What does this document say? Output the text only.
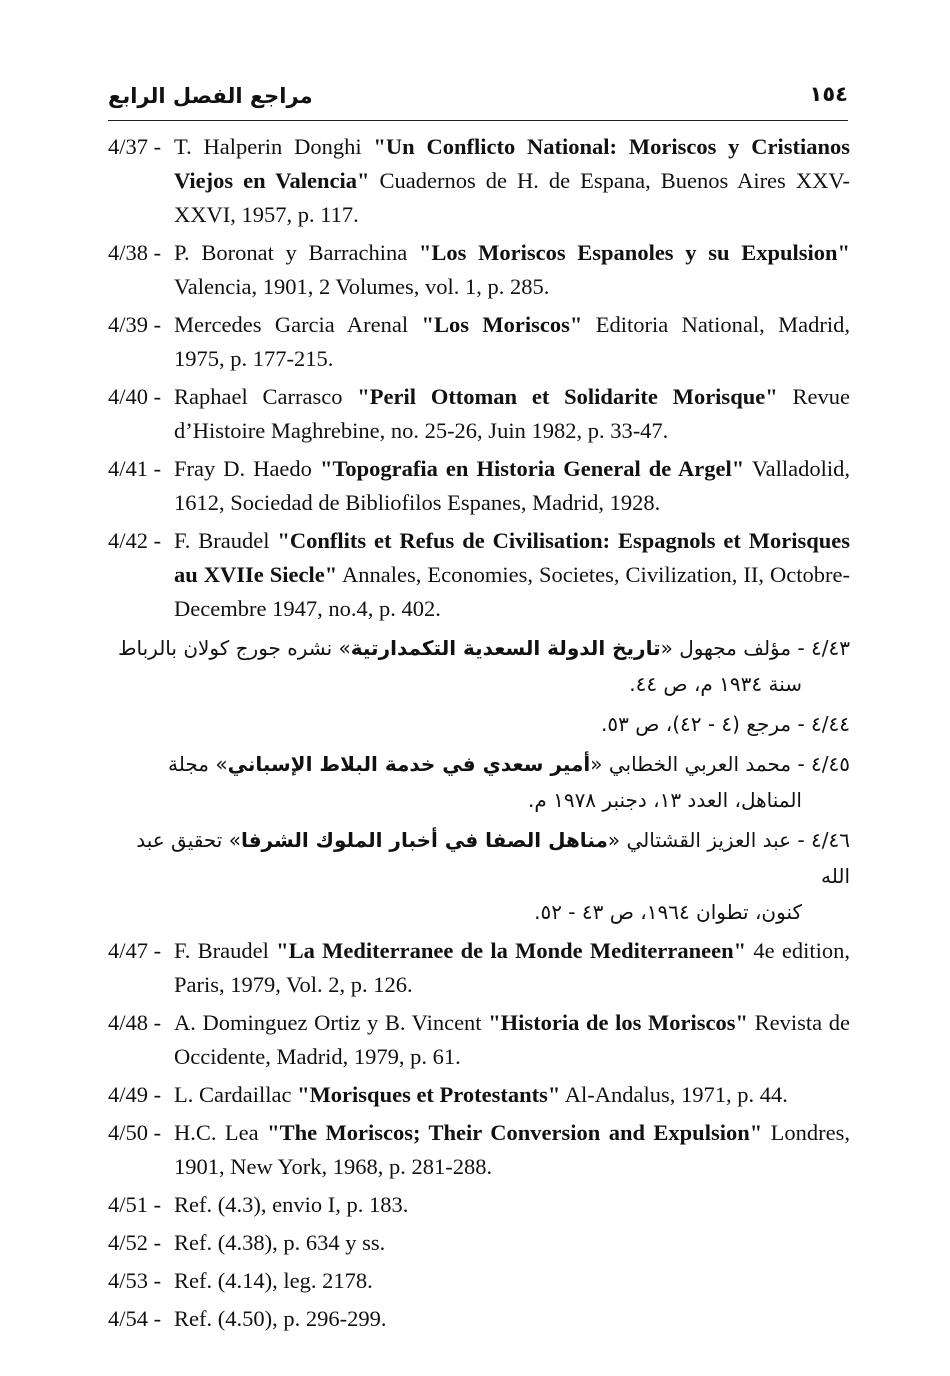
مراجع الفصل الرابع	١٥٤
4/37 - T. Halperin Donghi "Un Conflicto National: Moriscos y Cristianos Viejos en Valencia" Cuadernos de H. de Espana, Buenos Aires XXV-XXVI, 1957, p. 117.
4/38 - P. Boronat y Barrachina "Los Moriscos Espanoles y su Expulsion" Valencia, 1901, 2 Volumes, vol. 1, p. 285.
4/39 - Mercedes Garcia Arenal "Los Moriscos" Editoria National, Madrid, 1975, p. 177-215.
4/40 - Raphael Carrasco "Peril Ottoman et Solidarite Morisque" Revue d’Histoire Maghrebine, no. 25-26, Juin 1982, p. 33-47.
4/41 - Fray D. Haedo "Topografia en Historia General de Argel" Valladolid, 1612, Sociedad de Bibliofilos Espanes, Madrid, 1928.
4/42 - F. Braudel "Conflits et Refus de Civilisation: Espagnols et Morisques au XVIIe Siecle" Annales, Economies, Societes, Civilization, II, Octobre-Decembre 1947, no.4, p. 402.
٤/٤٣ - مؤلف مجهول «تاريخ الدولة السعدية التكمدارتية» نشره جورج كولان بالرباط
سنة ١٩٣٤ م، ص ٤٤.
٤/٤٤ - مرجع (٤ - ٤٢)، ص ٥٣.
٤/٤٥ - محمد العربي الخطابي «أمير سعدي في خدمة البلاط الإسباني» مجلة
المناهل، العدد ١٣، دجنبر ١٩٧٨ م.
٤/٤٦ - عبد العزيز القشتالي «مناهل الصفا في أخبار الملوك الشرفا» تحقيق عبد الله
كنون، تطوان ١٩٦٤، ص ٤٣ - ٥٢.
4/47 - F. Braudel "La Mediterranee de la Monde Mediterraneen" 4e edition, Paris, 1979, Vol. 2, p. 126.
4/48 - A. Dominguez Ortiz y B. Vincent "Historia de los Moriscos" Revista de Occidente, Madrid, 1979, p. 61.
4/49 - L. Cardaillac "Morisques et Protestants" Al-Andalus, 1971, p. 44.
4/50 - H.C. Lea "The Moriscos; Their Conversion and Expulsion" Londres, 1901, New York, 1968, p. 281-288.
4/51 - Ref. (4.3), envio I, p. 183.
4/52 - Ref. (4.38), p. 634 y ss.
4/53 - Ref. (4.14), leg. 2178.
4/54 - Ref. (4.50), p. 296-299.
